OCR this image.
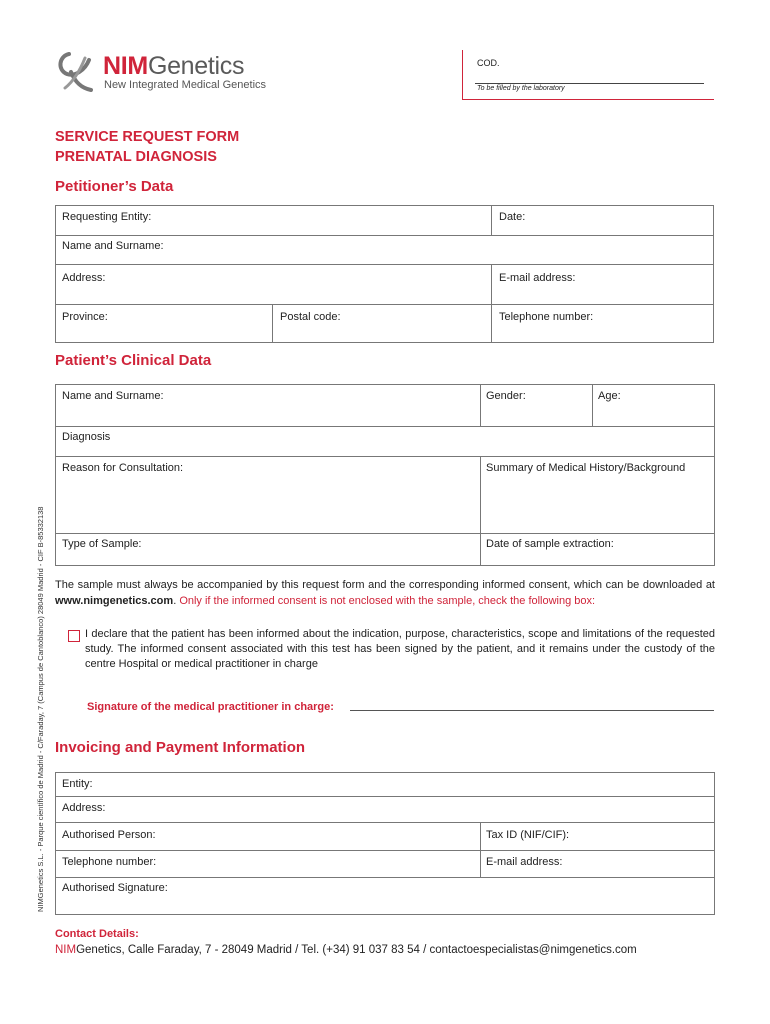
NIMGenetics
New Integrated Medical Genetics
COD.
To be filled by the laboratory
SERVICE REQUEST FORM
PRENATAL DIAGNOSIS
Petitioner’s Data
Requesting Entity:	Date:
Name and Surname:
Address:	E-mail address:
Province:	Postal code:	Telephone number:
Patient’s Clinical Data
Name and Surname:	Gender:	Age:
Diagnosis
Reason for Consultation:	Summary of Medical History/Background
Type of Sample:	Date of sample extraction:
NIMGenetics S.L. - Parque científico de Madrid - C/Faraday, 7 (Campus de Cantoblanco) 28049 Madrid - CIF B-85332138 The sample must always be accompanied by this request form and the corresponding informed consent, which can be downloaded at www.nimgenetics.com. Only if the informed consent is not enclosed with the sample, check the following box:
I declare that the patient has been informed about the indication, purpose, characteristics, scope and limitations of the requested study. The informed consent associated with this test has been signed by the patient, and it remains under the custody of the centre Hospital or medical practitioner in charge
Signature of the medical practitioner in charge:
Invoicing and Payment Information
Entity:
Address:
Authorised Person:	Tax ID (NIF/CIF):
Telephone number:	E-mail address:
Authorised Signature:
Contact Details:
NIMGenetics, Calle Faraday, 7 - 28049 Madrid / Tel. (+34) 91 037 83 54 / contactoespecialistas@nimgenetics.com
